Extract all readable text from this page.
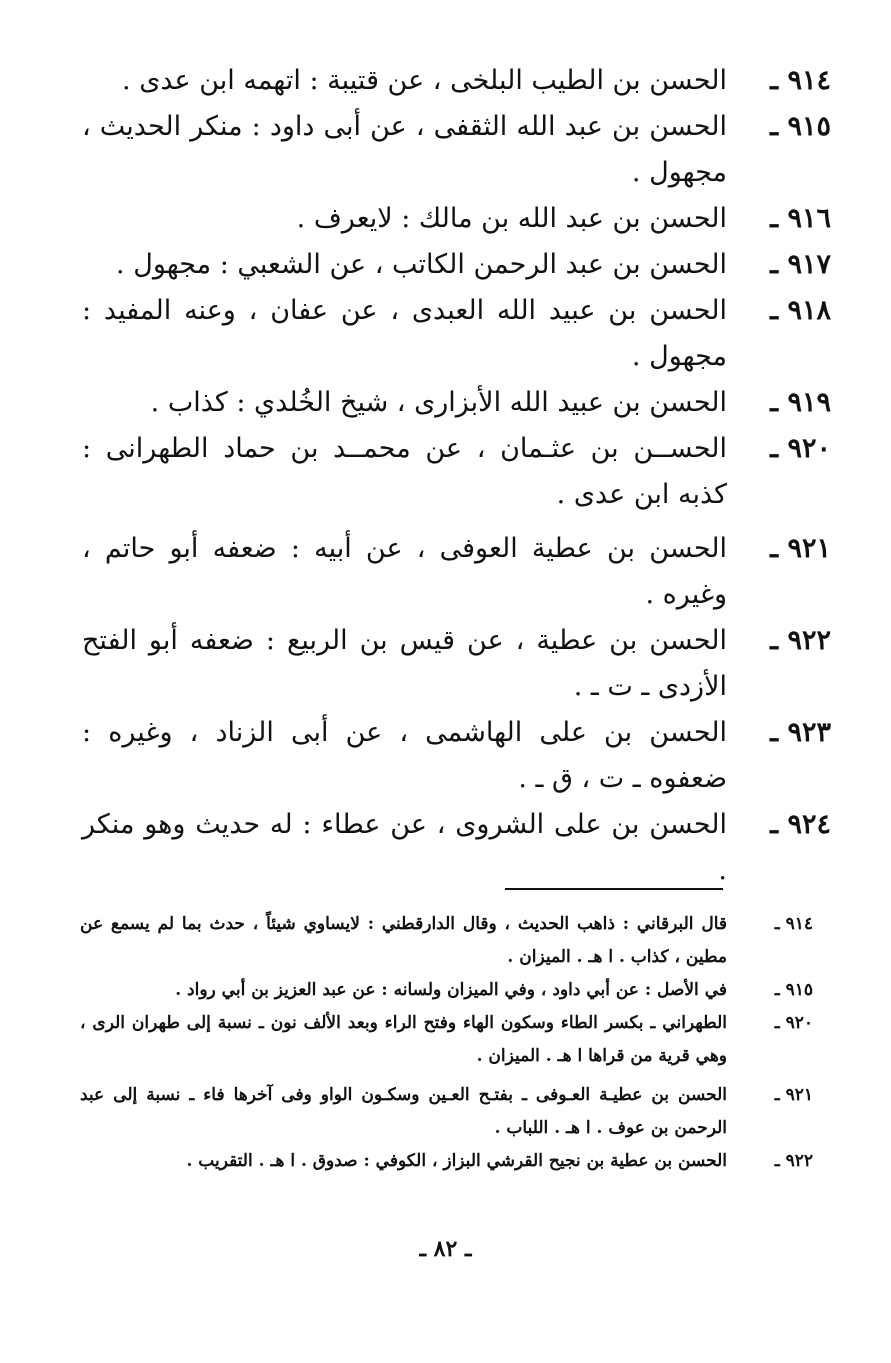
٩١٤ ـ
الحسن بن الطيب البلخى ، عن قتيبة : اتهمه ابن عدى .
٩١٥ ـ
الحسن بن عبد الله الثقفى ، عن أبى داود : منكر الحديث ، مجهول .
٩١٦ ـ
الحسن بن عبد الله بن مالك : لايعرف .
٩١٧ ـ
الحسن بن عبد الرحمن الكاتب ، عن الشعبي : مجهول .
٩١٨ ـ
الحسن بن عبيد الله العبدى ، عن عفان ، وعنه المفيد : مجهول .
٩١٩ ـ
الحسن بن عبيد الله الأبزارى ، شيخ الخُلدي : كذاب .
٩٢٠ ـ
الحســن بن عثـمان ، عن محمــد بن حماد الطهرانى : كذبه ابن عدى .
٩٢١ ـ
الحسن بن عطية العوفى ، عن أبيه : ضعفه أبو حاتم ، وغيره .
٩٢٢ ـ
الحسن بن عطية ، عن قيس بن الربيع : ضعفه أبو الفتح الأزدى ـ ت ـ .
٩٢٣ ـ
الحسن بن على الهاشمى ، عن أبى الزناد ، وغيره : ضعفوه ـ ت ، ق ـ .
٩٢٤ ـ
الحسن بن على الشروى ، عن عطاء : له حديث وهو منكر .
٩١٤ ـ
قال البرقاني : ذاهب الحديث ، وقال الدارقطني : لايساوي شيئاً ، حدث بما لم يسمع عن مطين ، كذاب . ا هـ . الميزان .
٩١٥ ـ
في الأصل : عن أبي داود ، وفي الميزان ولسانه : عن عبد العزيز بن أبي رواد .
٩٢٠ ـ
الطهراني ـ بكسر الطاء وسكون الهاء وفتح الراء وبعد الألف نون ـ نسبة إلى طهران الرى ، وهي قرية من قراها ا هـ . الميزان .
٩٢١ ـ
الحسن بن عطيـة العـوفى ـ بفتـح العـين وسكـون الواو وفى آخرها فاء ـ نسبة إلى عبد الرحمن بن عوف . ا هـ . اللباب .
٩٢٢ ـ
الحسن بن عطية بن نجيح القرشي البزاز ، الكوفي : صدوق . ا هـ . التقريب .
ـ ٨٢ ـ
